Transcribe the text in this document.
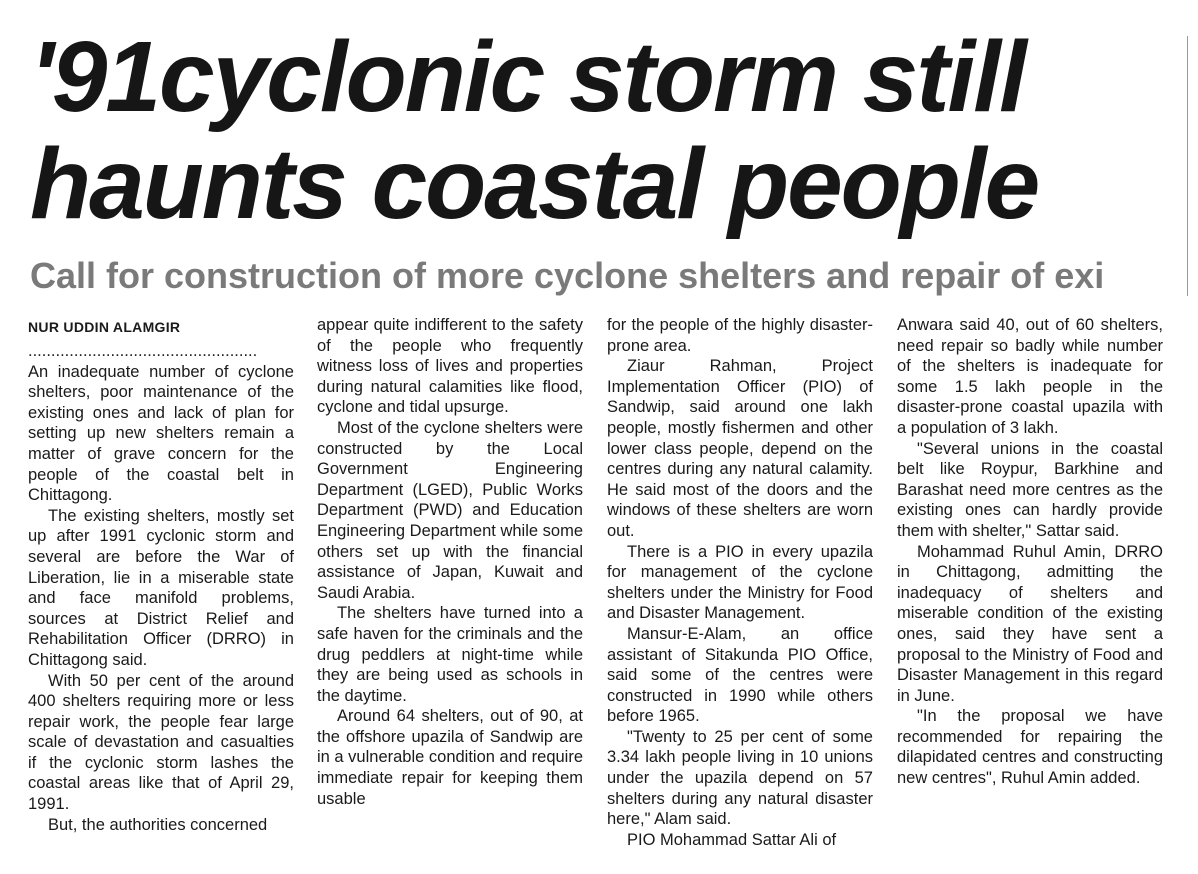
'91cyclonic storm still haunts coastal people
Call for construction of more cyclone shelters and repair of exi
NUR UDDIN ALAMGIR
..................................................

An inadequate number of cyclone shelters, poor maintenance of the existing ones and lack of plan for setting up new shelters remain a matter of grave concern for the people of the coastal belt in Chittagong.

The existing shelters, mostly set up after 1991 cyclonic storm and several are before the War of Liberation, lie in a miserable state and face manifold problems, sources at District Relief and Rehabilitation Officer (DRRO) in Chittagong said.

With 50 per cent of the around 400 shelters requiring more or less repair work, the people fear large scale of devastation and casualties if the cyclonic storm lashes the coastal areas like that of April 29, 1991.

But, the authorities concerned

appear quite indifferent to the safety of the people who frequently witness loss of lives and properties during natural calamities like flood, cyclone and tidal upsurge.

Most of the cyclone shelters were constructed by the Local Government Engineering Department (LGED), Public Works Department (PWD) and Education Engineering Department while some others set up with the financial assistance of Japan, Kuwait and Saudi Arabia.

The shelters have turned into a safe haven for the criminals and the drug peddlers at night-time while they are being used as schools in the daytime.

Around 64 shelters, out of 90, at the offshore upazila of Sandwip are in a vulnerable condition and require immediate repair for keeping them usable

for the people of the highly disaster-prone area.

Ziaur Rahman, Project Implementation Officer (PIO) of Sandwip, said around one lakh people, mostly fishermen and other lower class people, depend on the centres during any natural calamity. He said most of the doors and the windows of these shelters are worn out.

There is a PIO in every upazila for management of the cyclone shelters under the Ministry for Food and Disaster Management.

Mansur-E-Alam, an office assistant of Sitakunda PIO Office, said some of the centres were constructed in 1990 while others before 1965.

"Twenty to 25 per cent of some 3.34 lakh people living in 10 unions under the upazila depend on 57 shelters during any natural disaster here," Alam said.

PIO Mohammad Sattar Ali of

Anwara said 40, out of 60 shelters, need repair so badly while number of the shelters is inadequate for some 1.5 lakh people in the disaster-prone coastal upazila with a population of 3 lakh.

"Several unions in the coastal belt like Roypur, Barkhine and Barashat need more centres as the existing ones can hardly provide them with shelter," Sattar said.

Mohammad Ruhul Amin, DRRO in Chittagong, admitting the inadequacy of shelters and miserable condition of the existing ones, said they have sent a proposal to the Ministry of Food and Disaster Management in this regard in June.

"In the proposal we have recommended for repairing the dilapidated centres and constructing new centres", Ruhul Amin added.
